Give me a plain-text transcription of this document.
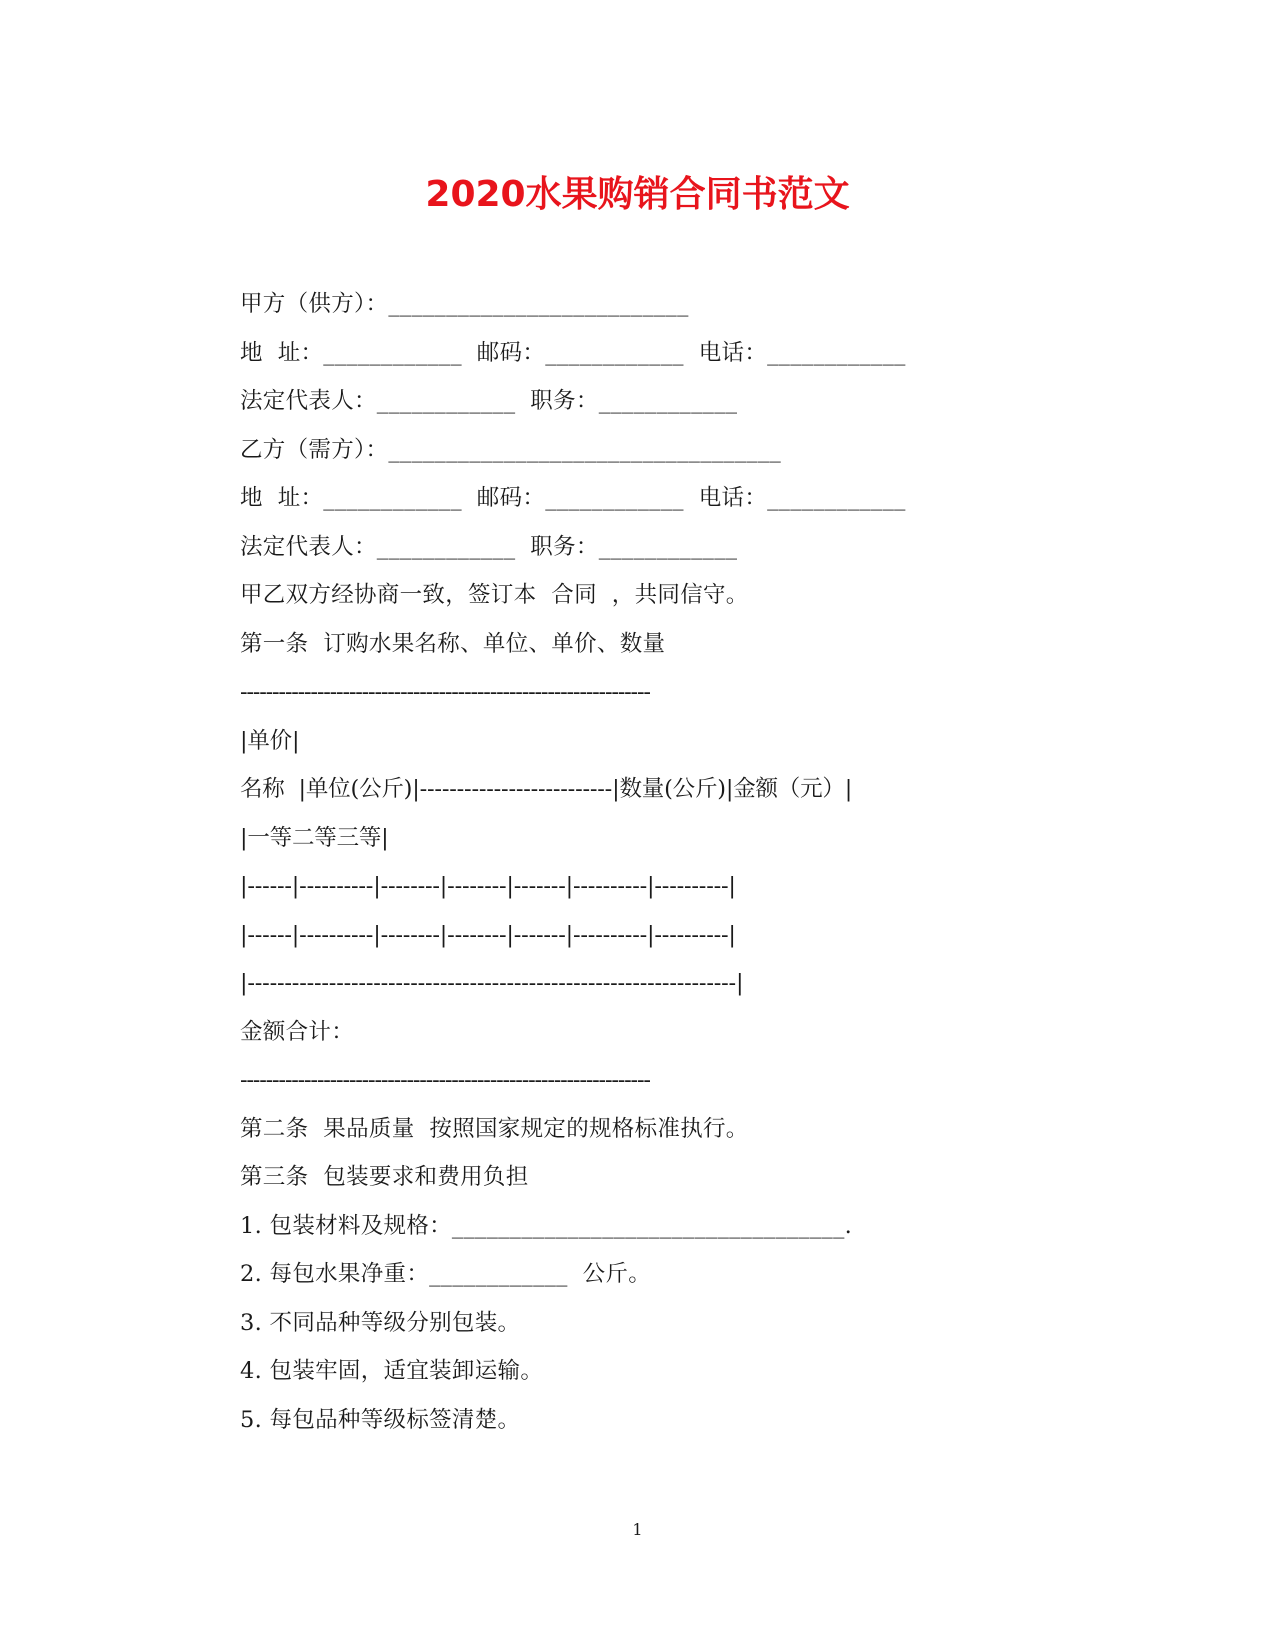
2020水果购销合同书范文
甲方（供方）：__________________________
地  址：____________  邮码：____________  电话：____________
法定代表人：____________  职务：____________
乙方（需方）：__________________________________
地  址：____________  邮码：____________  电话：____________
法定代表人：____________  职务：____________
甲乙双方经协商一致，签订本  合同  ，共同信守。
第一条  订购水果名称、单位、单价、数量
----------------------------------------------------------------
|单价|
名称  |单位(公斤)|--------------------------|数量(公斤)|金额（元）|
|一等二等三等|
|------|----------|--------|--------|-------|----------|----------|
|------|----------|--------|--------|-------|----------|----------|
|------------------------------------------------------------------|
金额合计：
----------------------------------------------------------------
第二条  果品质量  按照国家规定的规格标准执行。
第三条  包装要求和费用负担
1. 包装材料及规格：__________________________________.
2. 每包水果净重：____________  公斤。
3. 不同品种等级分别包装。
4. 包装牢固，适宜装卸运输。
5. 每包品种等级标签清楚。
1
